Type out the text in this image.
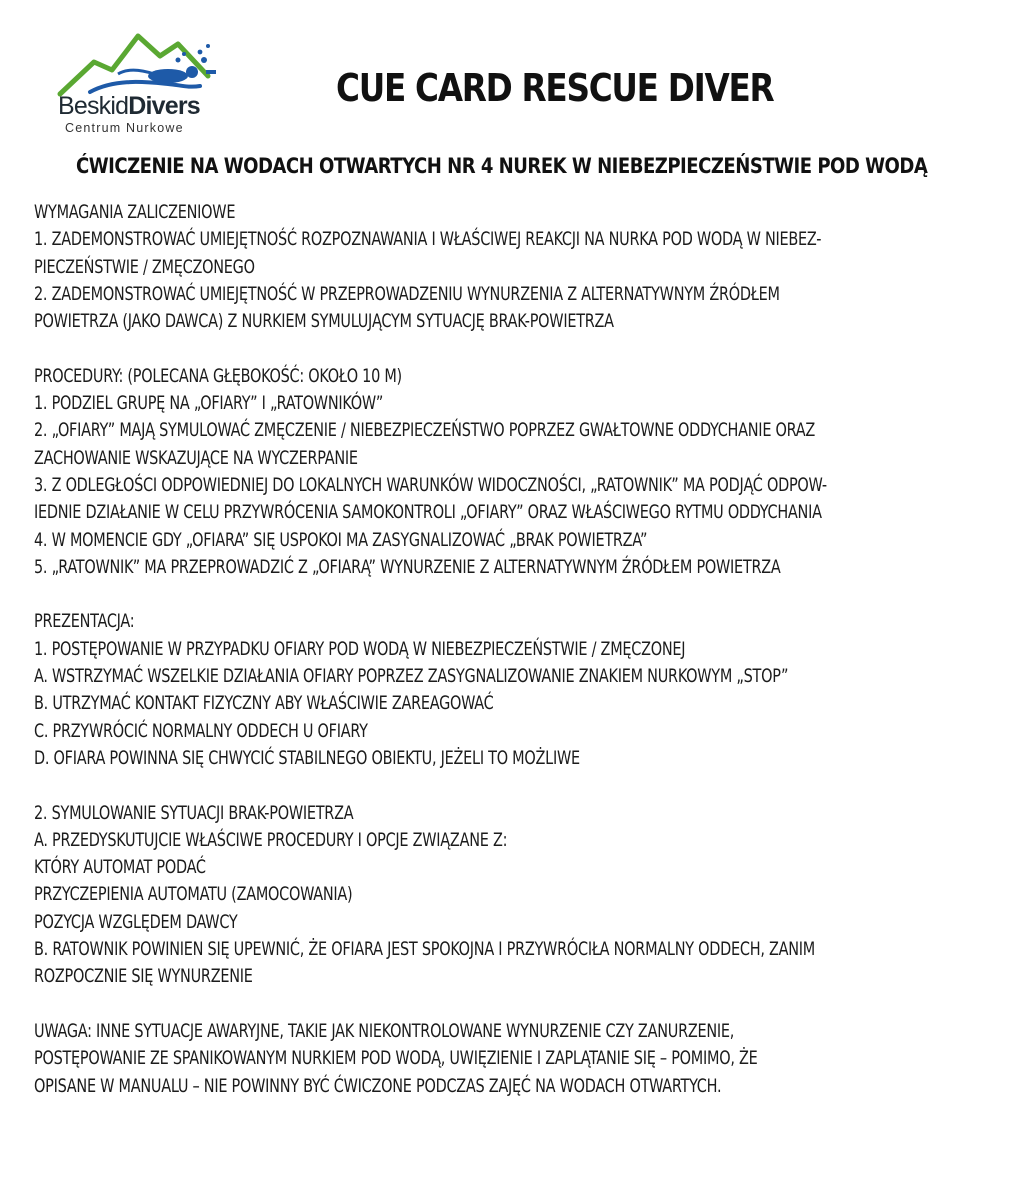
BeskidDivers
Centrum Nurkowe
CUE CARD RESCUE DIVER
ĆWICZENIE NA WODACH OTWARTYCH NR 4 NUREK W NIEBEZPIECZEŃSTWIE POD WODĄ

WYMAGANIA ZALICZENIOWE

1. ZADEMONSTROWAĆ UMIEJĘTNOŚĆ ROZPOZNAWANIA I WŁAŚCIWEJ REAKCJI NA NURKA POD WODĄ W NIEBEZ-

PIECZEŃSTWIE / ZMĘCZONEGO

2. ZADEMONSTROWAĆ UMIEJĘTNOŚĆ W PRZEPROWADZENIU WYNURZENIA Z ALTERNATYWNYM ŹRÓDŁEM

POWIETRZA (JAKO DAWCA) Z NURKIEM SYMULUJĄCYM SYTUACJĘ BRAK-POWIETRZA

PROCEDURY: (POLECANA GŁĘBOKOŚĆ: OKOŁO 10 M)

1. PODZIEL GRUPĘ NA „OFIARY” I „RATOWNIKÓW”

2. „OFIARY” MAJĄ SYMULOWAĆ ZMĘCZENIE / NIEBEZPIECZEŃSTWO POPRZEZ GWAŁTOWNE ODDYCHANIE ORAZ

ZACHOWANIE WSKAZUJĄCE NA WYCZERPANIE

3. Z ODLEGŁOŚCI ODPOWIEDNIEJ DO LOKALNYCH WARUNKÓW WIDOCZNOŚCI, „RATOWNIK” MA PODJĄĆ ODPOW-

IEDNIE DZIAŁANIE W CELU PRZYWRÓCENIA SAMOKONTROLI „OFIARY” ORAZ WŁAŚCIWEGO RYTMU ODDYCHANIA

4. W MOMENCIE GDY „OFIARA” SIĘ USPOKOI MA ZASYGNALIZOWAĆ „BRAK POWIETRZA”

5. „RATOWNIK” MA PRZEPROWADZIĆ Z „OFIARĄ” WYNURZENIE Z ALTERNATYWNYM ŹRÓDŁEM POWIETRZA

PREZENTACJA:

1. POSTĘPOWANIE W PRZYPADKU OFIARY POD WODĄ W NIEBEZPIECZEŃSTWIE / ZMĘCZONEJ

A. WSTRZYMAĆ WSZELKIE DZIAŁANIA OFIARY POPRZEZ ZASYGNALIZOWANIE ZNAKIEM NURKOWYM „STOP”

B. UTRZYMAĆ KONTAKT FIZYCZNY ABY WŁAŚCIWIE ZAREAGOWAĆ

C. PRZYWRÓCIĆ NORMALNY ODDECH U OFIARY

D. OFIARA POWINNA SIĘ CHWYCIĆ STABILNEGO OBIEKTU, JEŻELI TO MOŻLIWE

2. SYMULOWANIE SYTUACJI BRAK-POWIETRZA

A. PRZEDYSKUTUJCIE WŁAŚCIWE PROCEDURY I OPCJE ZWIĄZANE Z:

KTÓRY AUTOMAT PODAĆ

PRZYCZEPIENIA AUTOMATU (ZAMOCOWANIA)

POZYCJA WZGLĘDEM DAWCY

B. RATOWNIK POWINIEN SIĘ UPEWNIĆ, ŻE OFIARA JEST SPOKOJNA I PRZYWRÓCIŁA NORMALNY ODDECH, ZANIM

ROZPOCZNIE SIĘ WYNURZENIE

UWAGA: INNE SYTUACJE AWARYJNE, TAKIE JAK NIEKONTROLOWANE WYNURZENIE CZY ZANURZENIE,

POSTĘPOWANIE ZE SPANIKOWANYM NURKIEM POD WODĄ, UWIĘZIENIE I ZAPLĄTANIE SIĘ – POMIMO, ŻE

OPISANE W MANUALU – NIE POWINNY BYĆ ĆWICZONE PODCZAS ZAJĘĆ NA WODACH OTWARTYCH.
